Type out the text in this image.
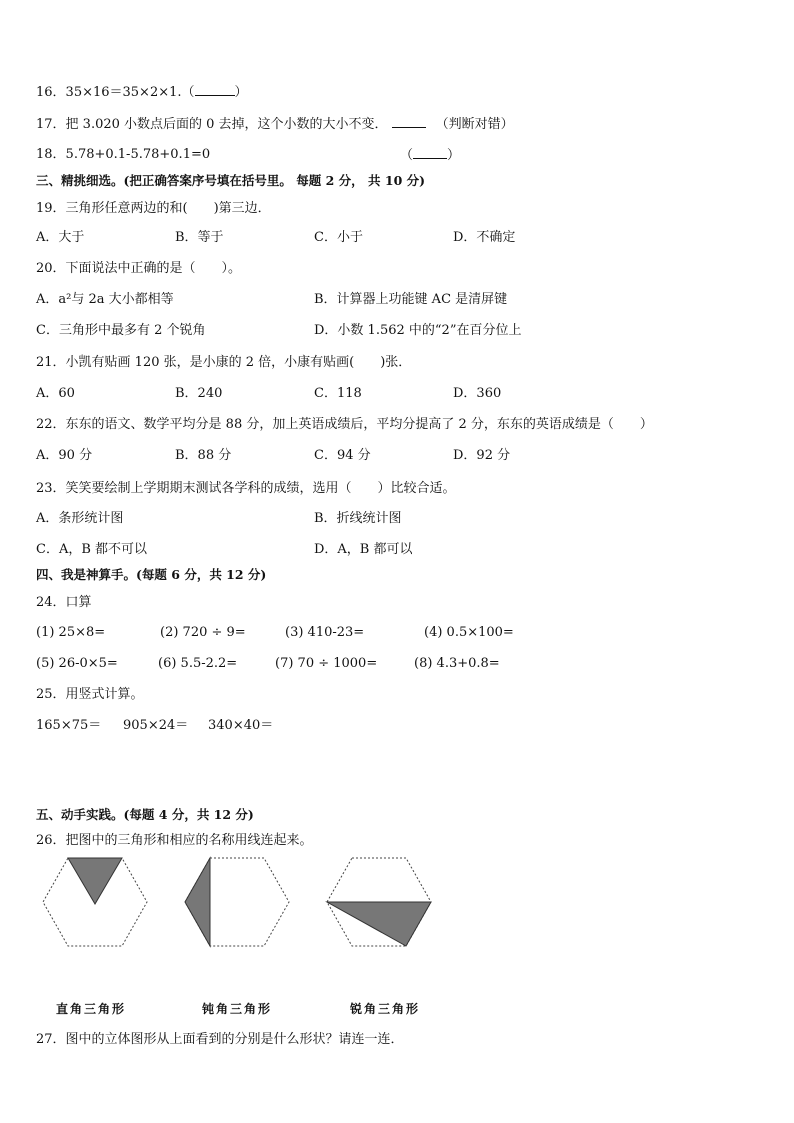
16．35×16＝35×2×1.（	）
17．把 3.020 小数点后面的 0 去掉，这个小数的大小不变．	（判断对错）
18．5.78+0.1-5.78+0.1=0	（	）
三、精挑细选。(把正确答案序号填在括号里。 每题 2 分， 共 10 分)
19．三角形任意两边的和(　　)第三边．
A．大于	B．等于	C．小于	D．不确定
20．下面说法中正确的是（　　）。
A．a²与 2a 大小都相等	B．计算器上功能键 AC 是清屏键
C．三角形中最多有 2 个锐角	D．小数 1.562 中的“2”在百分位上
21．小凯有贴画 120 张，是小康的 2 倍，小康有贴画(　　)张．
A．60	B．240	C．118	D．360
22．东东的语文、数学平均分是 88 分，加上英语成绩后，平均分提高了 2 分，东东的英语成绩是（　　）
A．90 分	B．88 分	C．94 分	D．92 分
23．笑笑要绘制上学期期末测试各学科的成绩，选用（　　）比较合适。
A．条形统计图	B．折线统计图
C．A，B 都不可以	D．A，B 都可以
四、我是神算手。(每题 6 分，共 12 分)
24．口算
(1) 25×8=	(2) 720 ÷ 9=	(3) 410-23=	(4) 0.5×100=
(5) 26-0×5=	(6) 5.5-2.2=	(7) 70 ÷ 1000=	(8) 4.3+0.8=
25．用竖式计算。
165×75＝ 905×24＝ 340×40＝
五、动手实践。(每题 4 分，共 12 分)
26．把图中的三角形和相应的名称用线连起来。
直角三角形	钝角三角形	锐角三角形
27．图中的立体图形从上面看到的分别是什么形状？请连一连．
